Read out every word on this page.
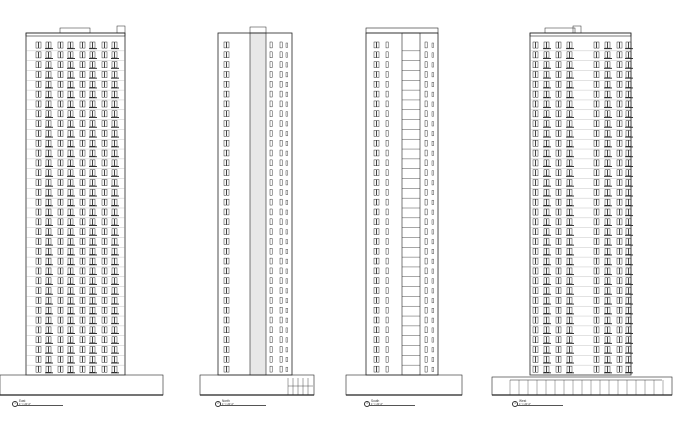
1
East
1" = 20'-0"	2
North
1" = 20'-0"	3
South
1" = 20'-0"	4
West
1" = 20'-0"
